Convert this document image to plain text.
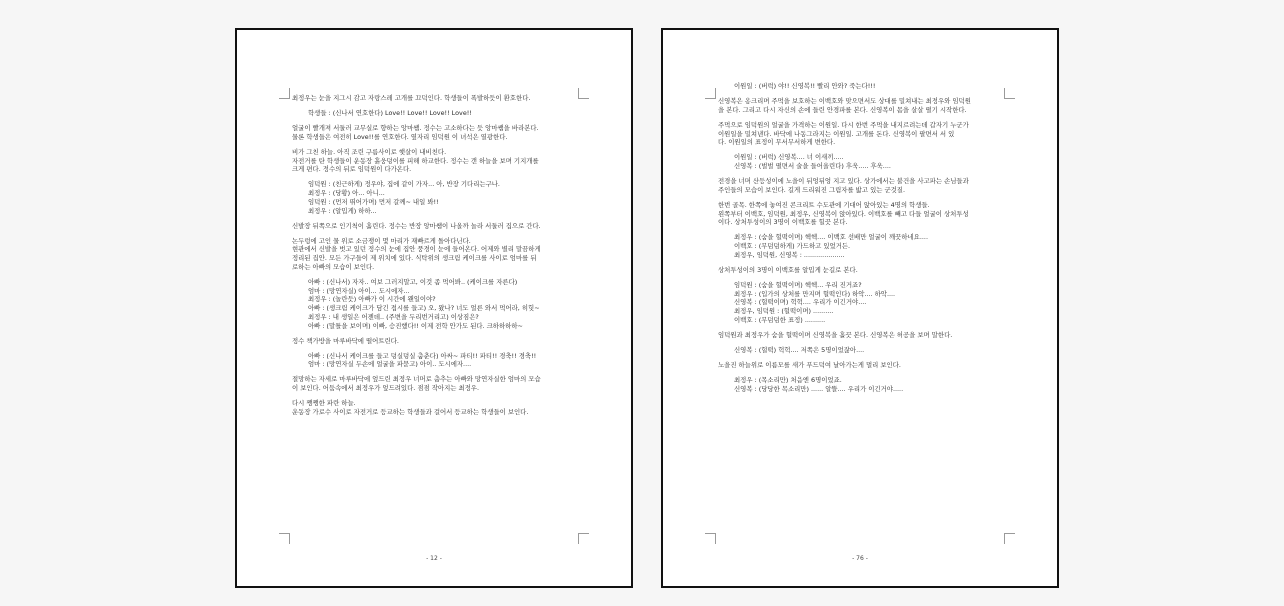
최정우는 눈을 지그시 감고 자랑스레 고개를 끄덕인다. 학생들이 폭발하듯이 환호한다.
학생들 : (신나서 연호한다) Love!! Love!! Love!! Love!!
얼굴이 빨개져 서둘러 교무실로 향하는 앙마쌤. 정수는 고소하다는 듯 앙마쌤을 바라본다.
물론 학생들은 여전히 Love!!를 연호한다. 옆자리 임덕원 이 녀석은 열광한다.
비가 그친 하늘. 아직 조린 구름사이로 햇살이 내비친다.
자전거를 탄 학생들이 운동장 흙웅덩이를 피해 하교한다. 정수는 갠 하늘을 보며 기지개를
크게 편다. 정수의 뒤로 임덕원이 다가온다.
임덕원 : (친근하게) 정우야, 집에 같이 가자... 아, 반장 기다리는구나.
최정우 : (당황) 아... 아니...
임덕원 : (먼저 뛰어가며) 먼저 갈께~ 내일 봐!!
최정우 : (알밉게) 하하...
신발장 뒤쪽으로 인기척이 흘린다. 정수는 반장 앙마쌤이 나올까 놀라 서둘러 집으로 간다.
논두렁에 고인 물 위로 소금쟁이 몇 마리가 재빠르게 돌아다닌다.
현관에서 신발을 벗고 있던 정수의 눈에 집안 풍경이 눈에 들어온다. 어제와 별리 말끔하게
정리된 집안. 모든 가구들이 제 위치에 있다. 식탁위의 생크림 케이크를 사이로 엄마를 뒤
로하는 아빠의 모습이 보인다.
아빠 : (신나서) 자자.. 여보 그러지말고, 이것 좀 먹어봐.. (케이크를 자른다)
엄마 : (망연자실) 아이... 도시에자...
최정우 : (놀란듯) 아빠가 이 시간에 왠일이야?
아빠 : (생크림 케이크가 담긴 접시를 들고) 오, 왔나? 너도 얼른 와서 먹어라, 히힛~
최정우 : 내 생일은 어젠데.. (주변을 두리번거리고) 이상짐은?
아빠 : (말틀을 보이며) 이빠, 승진했다!! 이제 전학 안가도 된다. 크하하하하~
정수 책가방을 마루바닥에 떨어트린다.
아빠 : (신나서 케이크를 들고 덩실덩실 춤춘다) 아싸~ 파티!! 파티!! 경축!! 경축!!
엄마 : (망연자실 두손에 얼굴을 파묻고) 아이.. 도시에자....
절망하는 자세로 마루바닥에 엎드린 최정우 너머로 춤추는 아빠와 망연자실한 엄마의 모습
이 보인다. 어둠속에서 최정우가 엎드려있다. 점점 작아지는 최정우.
다시 쨍쨍한 파란 하늘.
운동장 가로수 사이로 자전거로 등교하는 학생들과 걸어서 등교하는 학생들이 보인다.
- 12 -
이원일 : (버럭) 야!! 신영복!! 빨리 안와? 죽는다!!!
신영복은 옹크리며 주먹을 보호하는 이백호와 맞으면서도 상대를 밀쳐내는 최정우와 임덕원
을 본다. 그리고 다시 자신의 손에 들린 안경파를 본다. 신영복이 몸을 살살 떨기 시작한다.
주먹으로 임덕원의 얼굴을 가격하는 이원일. 다시 한번 주먹을 내지르려는데 갑자기 누군가
이원일을 밀쳐낸다. 바닥에 나동그라지는 이원일. 고개를 돈다. 신영복이 팔면서 서 있
다. 이원일의 표정이 무서무서하게 변한다.
이원일 : (버럭) 신영복.... 너 이새끼.....
신영복 : (벌벌 떨면서 술을 들어올린다) 후욱..... 후욱....
전경을 너머 산등성이에 노을이 뒤엉뒤엉 지고 있다. 상가에서는 불건을 사고파는 손님들과
주인들의 모습이 보인다. 길게 드리워진 그림자를 밟고 있는 군것질.
한번 골목. 한쪽에 놓여진 콘크리트 수도관에 기대어 앉아있는 4명의 학생들.
왼쪽부터 이백호, 임덕원, 최정우, 신영복이 앉아있다. 이백호를 빼고 다들 얼굴이 상처투성
이다. 상처투성이의 3명이 이백호를 힐끗 본다.
최정우 : (숨을 헐떡이며) 헥헥.... 이백호 선배만 얼굴이 깨끗하네요....
이백호 : (무덤덤하게) 가드하고 있었거든.
최정우, 임덕원, 신영복 : ....................
상처투성이의 3명이 이백호를 알밉게 눈길로 본다.
임덕원 : (숨을 헐떡이며) 헥헥... 우리 진거죠?
최정우 : (입가의 상처를 만지며 헐떡인다) 하악.... 하악....
신영복 : (헐떡이며) 헉헉.... 우리가 이긴거야....
최정우, 임덕원 : (헐떡이며) ..........
이백호 : (무덤덤한 표정) ..........
임덕원과 최정우가 숨을 헐떡이며 신영복을 흘끗 본다. 신영복은 허공을 보며 말한다.
신영복 : (헐떡) 헉헉.... 저쪽은 5명이었잖아....
노을진 하늘위로 이름모를 새가 푸드덕여 날아가는게 멀리 보인다.
최정우 : (목소리만) 처음엔 6명이었죠.
신영복 : (당당한 목소리만) ...... 알뜰.... 우리가 이긴거야.....
- 76 -
